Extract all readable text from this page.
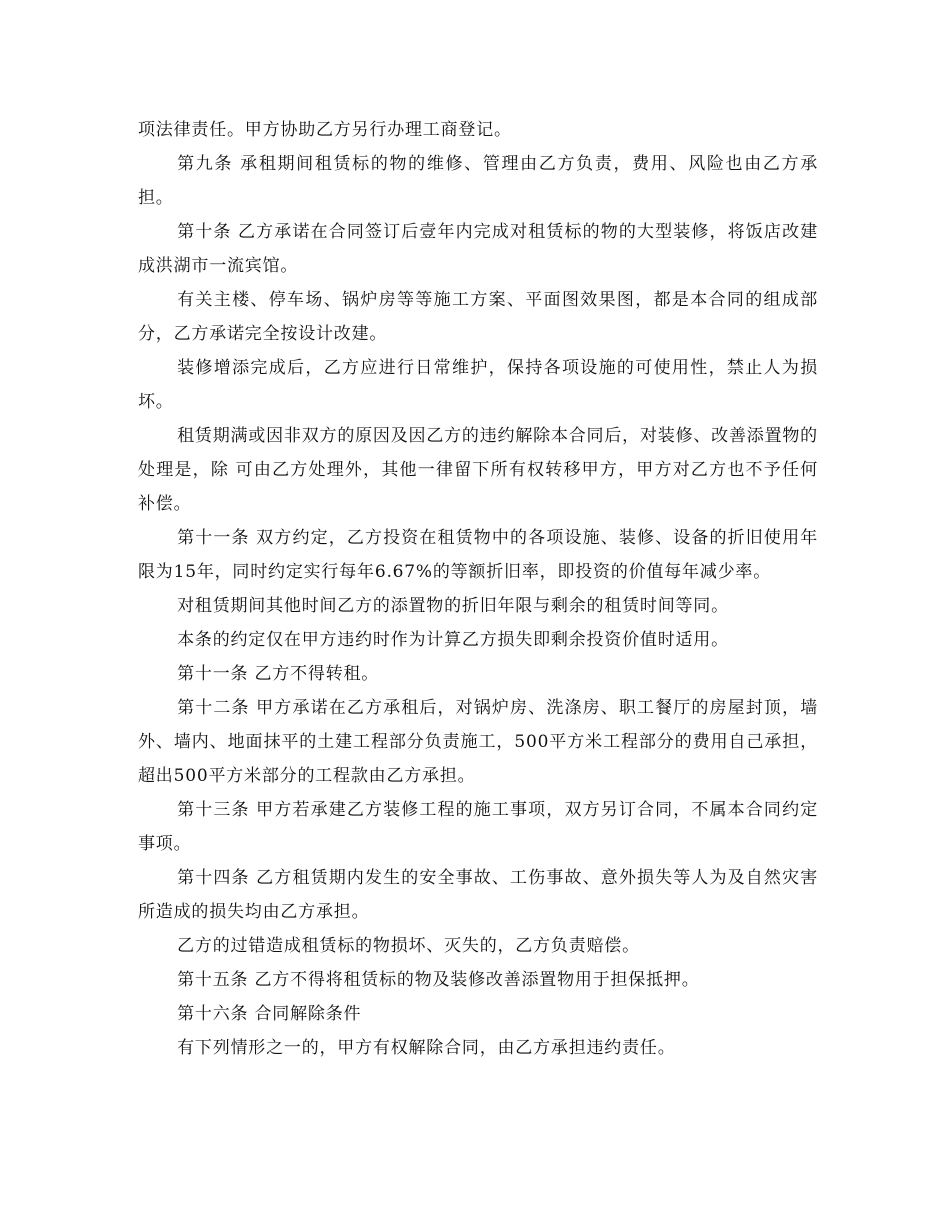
项法律责任。甲方协助乙方另行办理工商登记。

第九条 承租期间租赁标的物的维修、管理由乙方负责，费用、风险也由乙方承担。

第十条 乙方承诺在合同签订后壹年内完成对租赁标的物的大型装修，将饭店改建成洪湖市一流宾馆。

有关主楼、停车场、锅炉房等等施工方案、平面图效果图，都是本合同的组成部分，乙方承诺完全按设计改建。

装修增添完成后，乙方应进行日常维护，保持各项设施的可使用性，禁止人为损坏。

租赁期满或因非双方的原因及因乙方的违约解除本合同后，对装修、改善添置物的处理是，除 可由乙方处理外，其他一律留下所有权转移甲方，甲方对乙方也不予任何补偿。

第十一条 双方约定，乙方投资在租赁物中的各项设施、装修、设备的折旧使用年限为15年，同时约定实行每年6.67%的等额折旧率，即投资的价值每年减少率。

对租赁期间其他时间乙方的添置物的折旧年限与剩余的租赁时间等同。

本条的约定仅在甲方违约时作为计算乙方损失即剩余投资价值时适用。

第十一条 乙方不得转租。

第十二条 甲方承诺在乙方承租后，对锅炉房、洗涤房、职工餐厅的房屋封顶，墙外、墙内、地面抹平的土建工程部分负责施工，500平方米工程部分的费用自己承担，超出500平方米部分的工程款由乙方承担。

第十三条 甲方若承建乙方装修工程的施工事项，双方另订合同，不属本合同约定事项。

第十四条 乙方租赁期内发生的安全事故、工伤事故、意外损失等人为及自然灾害所造成的损失均由乙方承担。

乙方的过错造成租赁标的物损坏、灭失的，乙方负责赔偿。

第十五条 乙方不得将租赁标的物及装修改善添置物用于担保抵押。

第十六条 合同解除条件

有下列情形之一的，甲方有权解除合同，由乙方承担违约责任。
